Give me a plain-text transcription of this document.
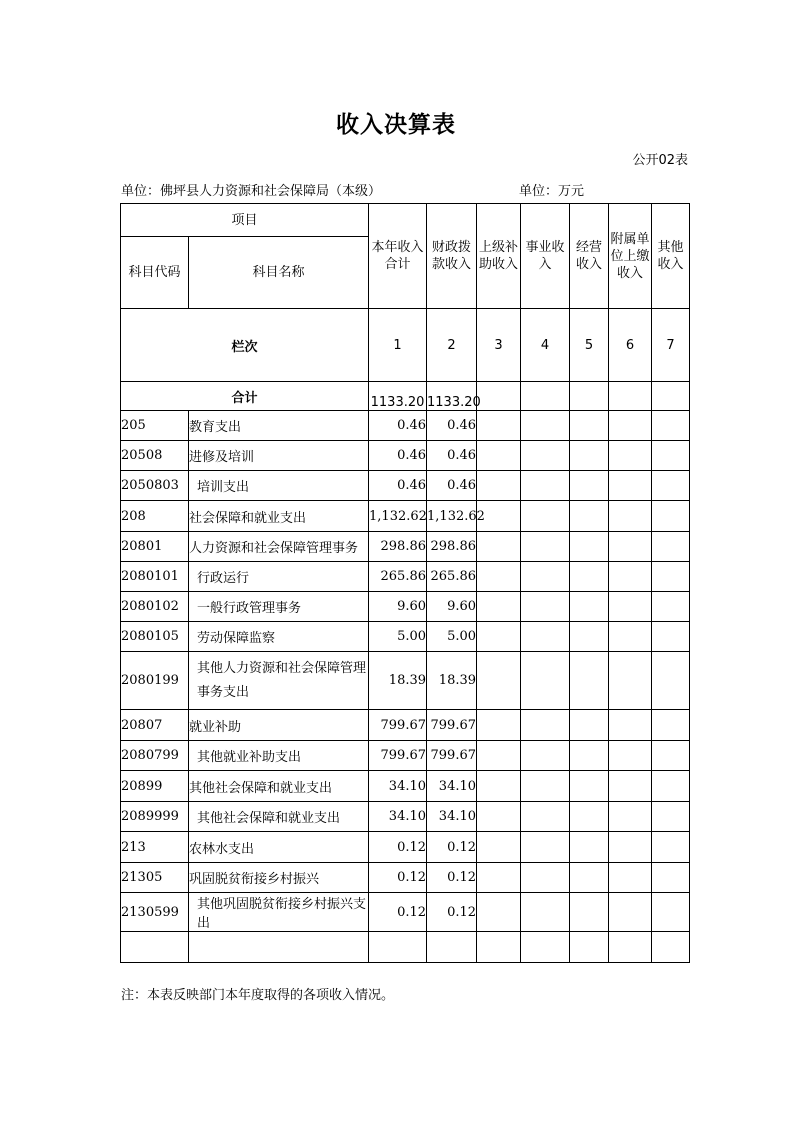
收入决算表
公开02表
单位：佛坪县人力资源和社会保障局（本级）	单位：万元
项目		本年收入合计	财政拨款收入	上级补助收入	事业收入	经营收入	附属单位上缴收入	其他收入
科目代码	科目名称							
栏次		1	2	3	4	5	6	7
合计		1133.20	1133.20					
205	教育支出	0.46	0.46					
20508	进修及培训	0.46	0.46					
2050803	培训支出	0.46	0.46					
208	社会保障和就业支出	1,132.62	1,132.62					
20801	人力资源和社会保障管理事务	298.86	298.86					
2080101	行政运行	265.86	265.86					
2080102	一般行政管理事务	9.60	9.60					
2080105	劳动保障监察	5.00	5.00					
2080199	其他人力资源和社会保障管理事务支出	18.39	18.39					
20807	就业补助	799.67	799.67					
2080799	其他就业补助支出	799.67	799.67					
20899	其他社会保障和就业支出	34.10	34.10					
2089999	其他社会保障和就业支出	34.10	34.10					
213	农林水支出	0.12	0.12					
21305	巩固脱贫衔接乡村振兴	0.12	0.12					
2130599	其他巩固脱贫衔接乡村振兴支出	0.12	0.12					

注：本表反映部门本年度取得的各项收入情况。
